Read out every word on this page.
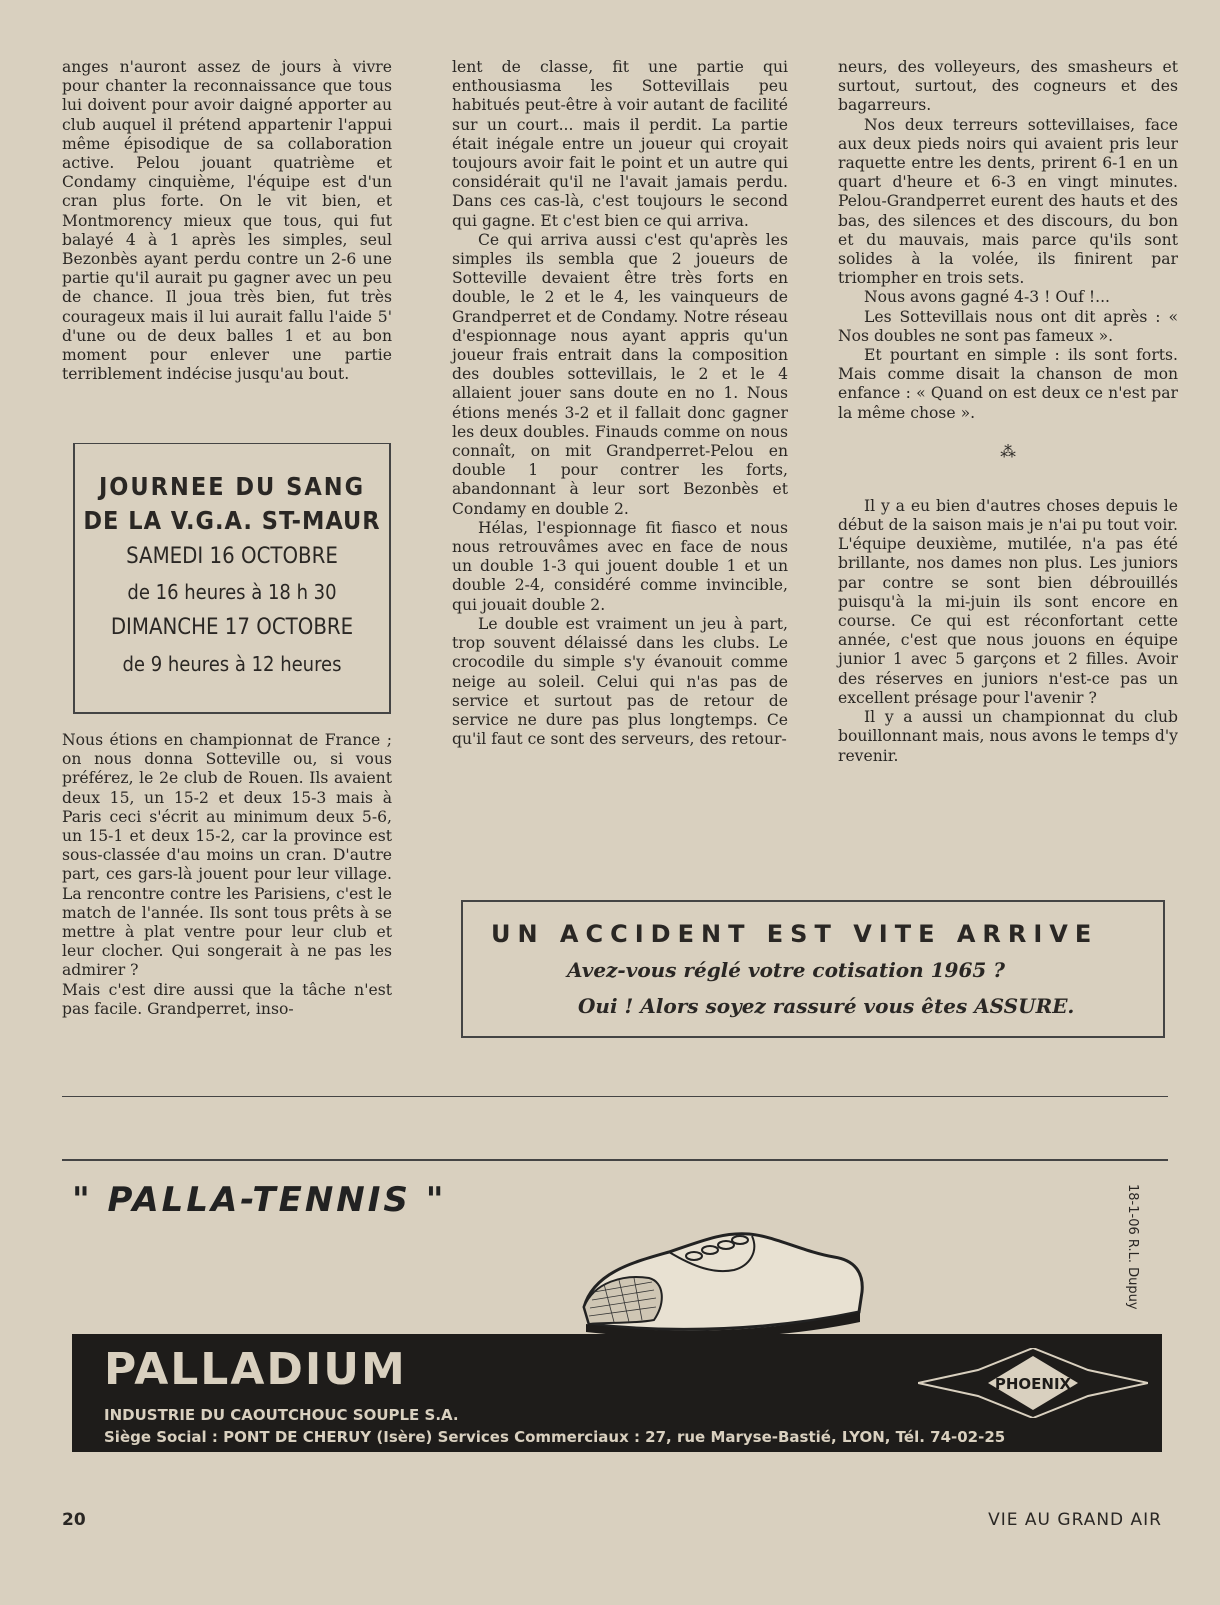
anges n'auront assez de jours à vivre pour chanter la reconnaissance que tous lui doivent pour avoir daigné apporter au club auquel il prétend appartenir l'appui même épisodique de sa collaboration active. Pelou jouant quatrième et Condamy cinquième, l'équipe est d'un cran plus forte. On le vit bien, et Montmorency mieux que tous, qui fut balayé 4 à 1 après les simples, seul Bezonbès ayant perdu contre un 2-6 une partie qu'il aurait pu gagner avec un peu de chance. Il joua très bien, fut très courageux mais il lui aurait fallu l'aide 5' d'une ou de deux balles 1 et au bon moment pour enlever une partie terriblement indécise jusqu'au bout.

JOURNEE DU SANG
DE LA V.G.A. ST-MAUR
SAMEDI 16 OCTOBRE
de 16 heures à 18 h 30
DIMANCHE 17 OCTOBRE
de 9 heures à 12 heures

Nous étions en championnat de France ; on nous donna Sotteville ou, si vous préférez, le 2e club de Rouen. Ils avaient deux 15, un 15-2 et deux 15-3 mais à Paris ceci s'écrit au minimum deux 5-6, un 15-1 et deux 15-2, car la province est sous-classée d'au moins un cran. D'autre part, ces gars-là jouent pour leur village. La rencontre contre les Parisiens, c'est le match de l'année. Ils sont tous prêts à se mettre à plat ventre pour leur club et leur clocher. Qui songerait à ne pas les admirer ?

Mais c'est dire aussi que la tâche n'est pas facile. Grandperret, inso-

lent de classe, fit une partie qui enthousiasma les Sottevillais peu habitués peut-être à voir autant de facilité sur un court... mais il perdit. La partie était inégale entre un joueur qui croyait toujours avoir fait le point et un autre qui considérait qu'il ne l'avait jamais perdu. Dans ces cas-là, c'est toujours le second qui gagne. Et c'est bien ce qui arriva.

Ce qui arriva aussi c'est qu'après les simples ils sembla que 2 joueurs de Sotteville devaient être très forts en double, le 2 et le 4, les vainqueurs de Grandperret et de Condamy. Notre réseau d'espionnage nous ayant appris qu'un joueur frais entrait dans la composition des doubles sottevillais, le 2 et le 4 allaient jouer sans doute en no 1. Nous étions menés 3-2 et il fallait donc gagner les deux doubles. Finauds comme on nous connaît, on mit Grandperret-Pelou en double 1 pour contrer les forts, abandonnant à leur sort Bezonbès et Condamy en double 2.

Hélas, l'espionnage fit fiasco et nous nous retrouvâmes avec en face de nous un double 1-3 qui jouent double 1 et un double 2-4, considéré comme invincible, qui jouait double 2.

Le double est vraiment un jeu à part, trop souvent délaissé dans les clubs. Le crocodile du simple s'y évanouit comme neige au soleil. Celui qui n'as pas de service et surtout pas de retour de service ne dure pas plus longtemps. Ce qu'il faut ce sont des serveurs, des retour-

neurs, des volleyeurs, des smasheurs et surtout, surtout, des cogneurs et des bagarreurs.

Nos deux terreurs sottevillaises, face aux deux pieds noirs qui avaient pris leur raquette entre les dents, prirent 6-1 en un quart d'heure et 6-3 en vingt minutes. Pelou-Grandperret eurent des hauts et des bas, des silences et des discours, du bon et du mauvais, mais parce qu'ils sont solides à la volée, ils finirent par triompher en trois sets.

Nous avons gagné 4-3 ! Ouf !...

Les Sottevillais nous ont dit après : « Nos doubles ne sont pas fameux ».

Et pourtant en simple : ils sont forts. Mais comme disait la chanson de mon enfance : « Quand on est deux ce n'est par la même chose ».

⁂

Il y a eu bien d'autres choses depuis le début de la saison mais je n'ai pu tout voir. L'équipe deuxième, mutilée, n'a pas été brillante, nos dames non plus. Les juniors par contre se sont bien débrouillés puisqu'à la mi-juin ils sont encore en course. Ce qui est réconfortant cette année, c'est que nous jouons en équipe junior 1 avec 5 garçons et 2 filles. Avoir des réserves en juniors n'est-ce pas un excellent présage pour l'avenir ?

Il y a aussi un championnat du club bouillonnant mais, nous avons le temps d'y revenir.

UN ACCIDENT EST VITE ARRIVE
Avez-vous réglé votre cotisation 1965 ?
Oui ! Alors soyez rassuré vous êtes ASSURE.
" PALLA-TENNIS "	18-1-06 R.L. Dupuy
PALLADIUM
INDUSTRIE DU CAOUTCHOUC SOUPLE S.A.
Siège Social : PONT DE CHERUY (Isère) Services Commerciaux : 27, rue Maryse-Bastié, LYON, Tél. 74-02-25
PHOENIX
20	VIE AU GRAND AIR
